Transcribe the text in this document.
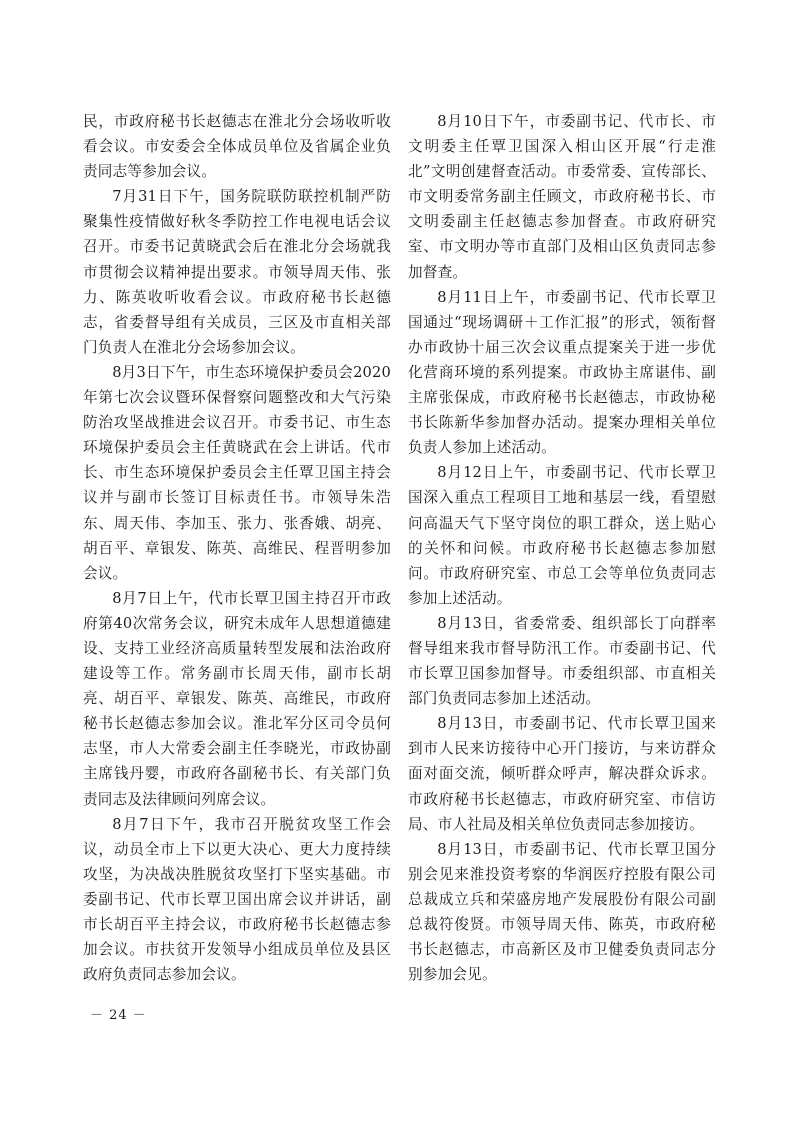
民，市政府秘书长赵德志在淮北分会场收听收看会议。市安委会全体成员单位及省属企业负责同志等参加会议。

7月31日下午，国务院联防联控机制严防聚集性疫情做好秋冬季防控工作电视电话会议召开。市委书记黄晓武会后在淮北分会场就我市贯彻会议精神提出要求。市领导周天伟、张力、陈英收听收看会议。市政府秘书长赵德志，省委督导组有关成员，三区及市直相关部门负责人在淮北分会场参加会议。

8月3日下午，市生态环境保护委员会2020年第七次会议暨环保督察问题整改和大气污染防治攻坚战推进会议召开。市委书记、市生态环境保护委员会主任黄晓武在会上讲话。代市长、市生态环境保护委员会主任覃卫国主持会议并与副市长签订目标责任书。市领导朱浩东、周天伟、李加玉、张力、张香娥、胡亮、胡百平、章银发、陈英、高维民、程晋明参加会议。

8月7日上午，代市长覃卫国主持召开市政府第40次常务会议，研究未成年人思想道德建设、支持工业经济高质量转型发展和法治政府建设等工作。常务副市长周天伟，副市长胡亮、胡百平、章银发、陈英、高维民，市政府秘书长赵德志参加会议。淮北军分区司令员何志坚，市人大常委会副主任李晓光，市政协副主席钱丹婴，市政府各副秘书长、有关部门负责同志及法律顾问列席会议。

8月7日下午，我市召开脱贫攻坚工作会议，动员全市上下以更大决心、更大力度持续攻坚，为决战决胜脱贫攻坚打下坚实基础。市委副书记、代市长覃卫国出席会议并讲话，副市长胡百平主持会议，市政府秘书长赵德志参加会议。市扶贫开发领导小组成员单位及县区政府负责同志参加会议。

8月10日下午，市委副书记、代市长、市文明委主任覃卫国深入相山区开展“行走淮北”文明创建督查活动。市委常委、宣传部长、市文明委常务副主任顾文，市政府秘书长、市文明委副主任赵德志参加督查。市政府研究室、市文明办等市直部门及相山区负责同志参加督查。

8月11日上午，市委副书记、代市长覃卫国通过“现场调研＋工作汇报”的形式，领衔督办市政协十届三次会议重点提案关于进一步优化营商环境的系列提案。市政协主席谌伟、副主席张保成，市政府秘书长赵德志，市政协秘书长陈新华参加督办活动。提案办理相关单位负责人参加上述活动。

8月12日上午，市委副书记、代市长覃卫国深入重点工程项目工地和基层一线，看望慰问高温天气下坚守岗位的职工群众，送上贴心的关怀和问候。市政府秘书长赵德志参加慰问。市政府研究室、市总工会等单位负责同志参加上述活动。

8月13日，省委常委、组织部长丁向群率督导组来我市督导防汛工作。市委副书记、代市长覃卫国参加督导。市委组织部、市直相关部门负责同志参加上述活动。

8月13日，市委副书记、代市长覃卫国来到市人民来访接待中心开门接访，与来访群众面对面交流，倾听群众呼声，解决群众诉求。市政府秘书长赵德志，市政府研究室、市信访局、市人社局及相关单位负责同志参加接访。

8月13日，市委副书记、代市长覃卫国分别会见来淮投资考察的华润医疗控股有限公司总裁成立兵和荣盛房地产发展股份有限公司副总裁符俊贤。市领导周天伟、陈英，市政府秘书长赵德志，市高新区及市卫健委负责同志分别参加会见。

－ 24 －
